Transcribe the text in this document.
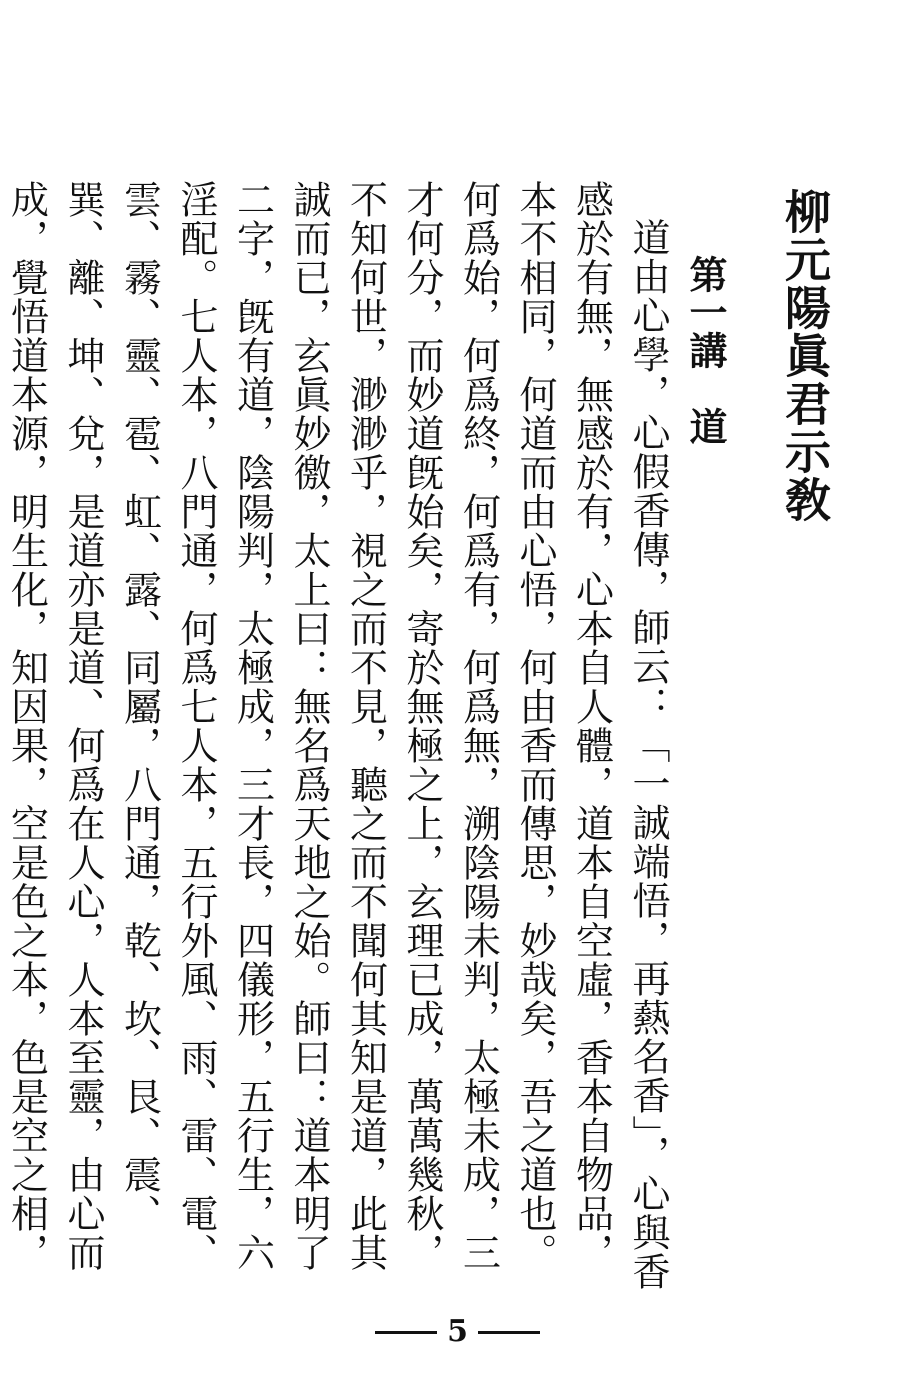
柳元陽眞君示敎
第一講　道

道由心學，心假香傳，師云：「一誠端悟，再爇名香」，心與香感於有無，無感於有，心本自人體，道本自空虛，香本自物品，本不相同，何道而由心悟，何由香而傳思，妙哉矣，吾之道也。何爲始，何爲終，何爲有，何爲無，溯陰陽未判，太極未成，三才何分，而妙道旣始矣，寄於無極之上，玄理已成，萬萬幾秋，不知何世，渺渺乎，視之而不見，聽之而不聞何其知是道，此其誠而已，玄眞妙徼，太上曰：無名爲天地之始。師曰：道本明了二字，旣有道，陰陽判，太極成，三才長，四儀形，五行生，六淫配。七人本，八門通，何爲七人本，五行外風、雨、雷、電、雲、霧、靈、雹、虹、露、同屬，八門通，乾、坎、艮、震、巽、離、坤、兌，是道亦是道、何爲在人心，人本至靈，由心而成，覺悟道本源，明生化，知因果，空是色之本，色是空之相，

5
